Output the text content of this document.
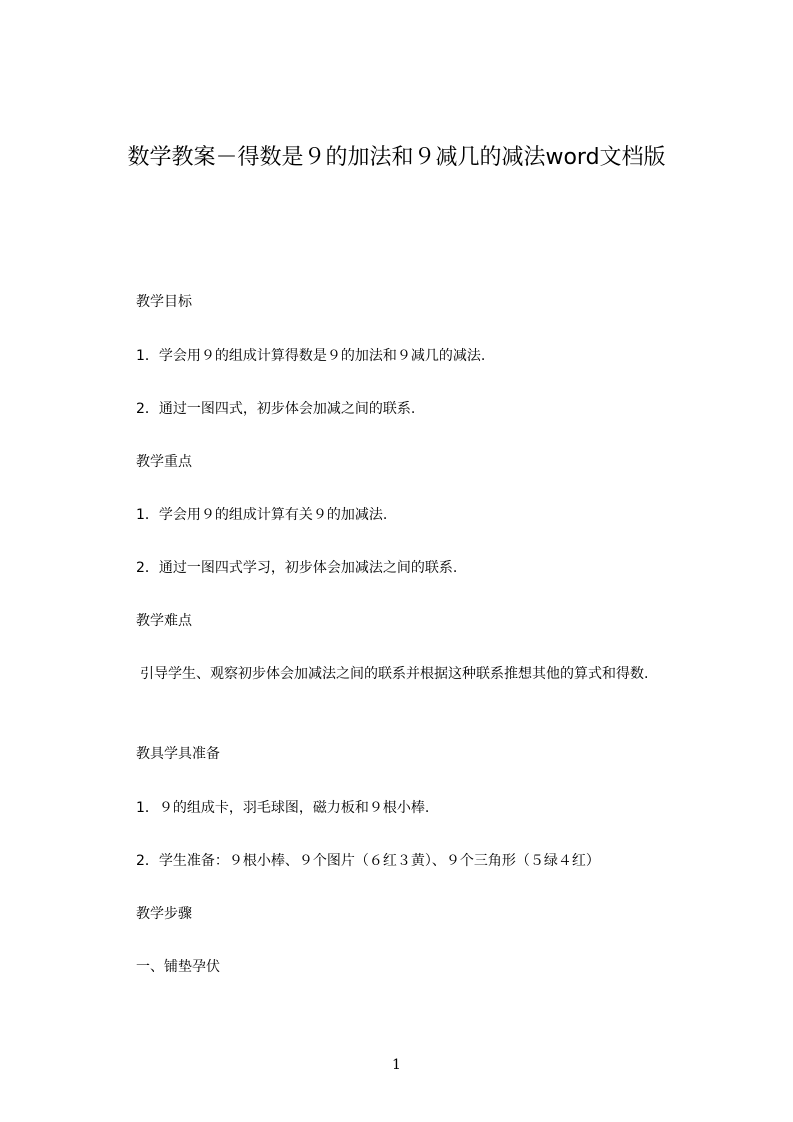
数学教案－得数是９的加法和９减几的减法word文档版
教学目标
1．学会用９的组成计算得数是９的加法和９减几的减法.
2．通过一图四式，初步体会加减之间的联系.
教学重点
1．学会用９的组成计算有关９的加减法.
2．通过一图四式学习，初步体会加减法之间的联系.
教学难点
引导学生、观察初步体会加减法之间的联系并根据这种联系推想其他的算式和得数.
教具学具准备
1．９的组成卡，羽毛球图，磁力板和９根小棒.
2．学生准备：９根小棒、９个图片（６红３黄）、９个三角形（５绿４红）
教学步骤
一、铺垫孕伏
1
